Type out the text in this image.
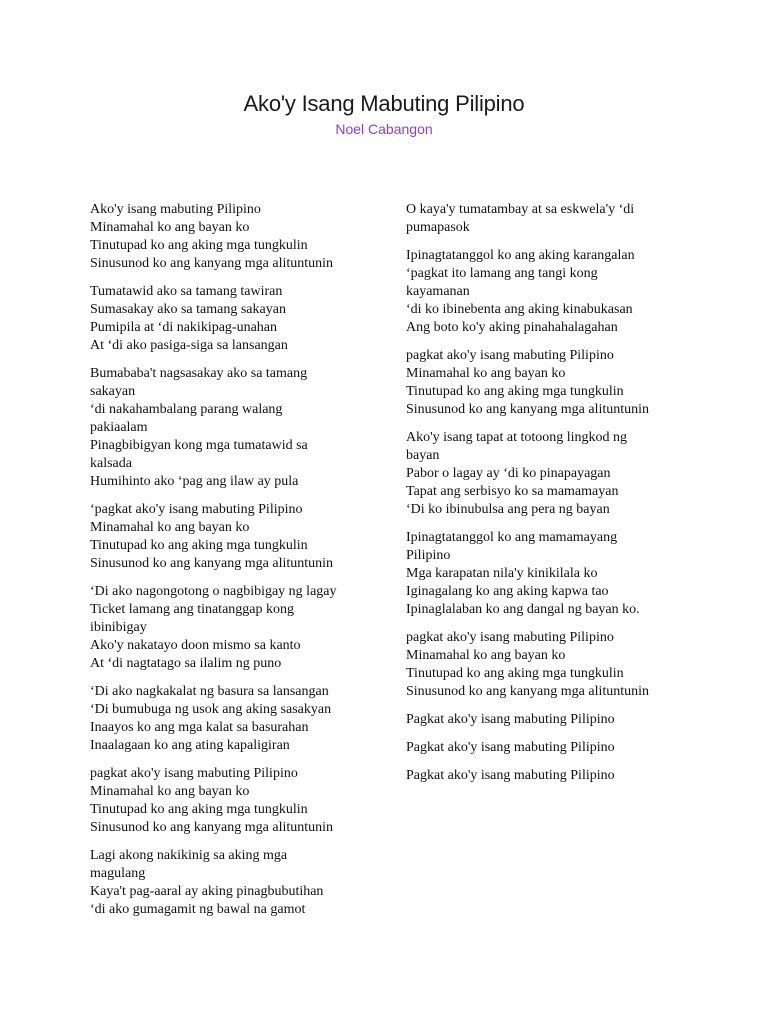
Ako'y Isang Mabuting Pilipino
Noel Cabangon
Ako'y isang mabuting Pilipino
Minamahal ko ang bayan ko
Tinutupad ko ang aking mga tungkulin
Sinusunod ko ang kanyang mga alituntunin
Tumatawid ako sa tamang tawiran
Sumasakay ako sa tamang sakayan
Pumipila at ‘di nakikipag-unahan
At ‘di ako pasiga-siga sa lansangan
Bumababa't nagsasakay ako sa tamang
sakayan
‘di nakahambalang parang walang
pakiaalam
Pinagbibigyan kong mga tumatawid sa
kalsada
Humihinto ako ‘pag ang ilaw ay pula
‘pagkat ako'y isang mabuting Pilipino
Minamahal ko ang bayan ko
Tinutupad ko ang aking mga tungkulin
Sinusunod ko ang kanyang mga alituntunin
‘Di ako nagongotong o nagbibigay ng lagay
Ticket lamang ang tinatanggap kong
ibinibigay
Ako'y nakatayo doon mismo sa kanto
At ‘di nagtatago sa ilalim ng puno
‘Di ako nagkakalat ng basura sa lansangan
‘Di bumubuga ng usok ang aking sasakyan
Inaayos ko ang mga kalat sa basurahan
Inaalagaan ko ang ating kapaligiran
pagkat ako'y isang mabuting Pilipino
Minamahal ko ang bayan ko
Tinutupad ko ang aking mga tungkulin
Sinusunod ko ang kanyang mga alituntunin
Lagi akong nakikinig sa aking mga
magulang
Kaya't pag-aaral ay aking pinagbubutihan
‘di ako gumagamit ng bawal na gamot
O kaya'y tumatambay at sa eskwela'y ‘di
pumapasok
Ipinagtatanggol ko ang aking karangalan
‘pagkat ito lamang ang tangi kong
kayamanan
‘di ko ibinebenta ang aking kinabukasan
Ang boto ko'y aking pinahahalagahan
pagkat ako'y isang mabuting Pilipino
Minamahal ko ang bayan ko
Tinutupad ko ang aking mga tungkulin
Sinusunod ko ang kanyang mga alituntunin
Ako'y isang tapat at totoong lingkod ng
bayan
Pabor o lagay ay ‘di ko pinapayagan
Tapat ang serbisyo ko sa mamamayan
‘Di ko ibinubulsa ang pera ng bayan
Ipinagtatanggol ko ang mamamayang
Pilipino
Mga karapatan nila'y kinikilala ko
Iginagalang ko ang aking kapwa tao
Ipinaglalaban ko ang dangal ng bayan ko.
pagkat ako'y isang mabuting Pilipino
Minamahal ko ang bayan ko
Tinutupad ko ang aking mga tungkulin
Sinusunod ko ang kanyang mga alituntunin
Pagkat ako'y isang mabuting Pilipino
Pagkat ako'y isang mabuting Pilipino
Pagkat ako'y isang mabuting Pilipino
